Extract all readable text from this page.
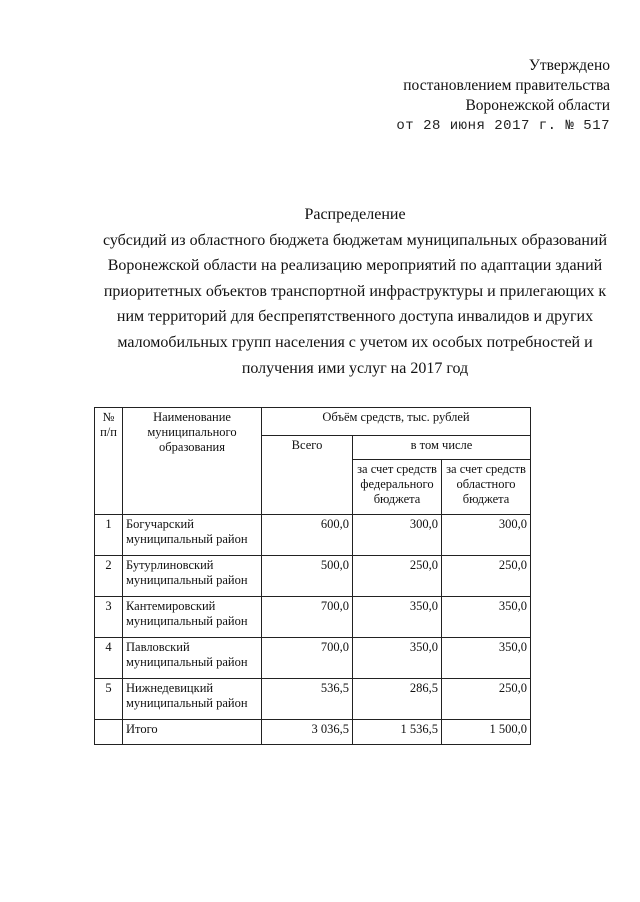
Утверждено
постановлением правительства
Воронежской области
от 28 июня 2017 г. № 517
Распределение
субсидий из областного бюджета бюджетам муниципальных образований
Воронежской области на реализацию мероприятий по адаптации зданий
приоритетных объектов транспортной инфраструктуры и прилегающих к
ним территорий для беспрепятственного доступа инвалидов и других
маломобильных групп населения с учетом их особых потребностей и
получения ими услуг на 2017 год
№ п/п	Наименование муниципального образования	Объём средств, тыс. рублей		
		Всего	в том числе	
			за счет средств федерального бюджета	за счет средств областного бюджета
1	Богучарский муниципальный район	600,0	300,0	300,0
2	Бутурлиновский муниципальный район	500,0	250,0	250,0
3	Кантемировский муниципальный район	700,0	350,0	350,0
4	Павловский муниципальный район	700,0	350,0	350,0
5	Нижнедевицкий муниципальный район	536,5	286,5	250,0
	Итого	3 036,5	1 536,5	1 500,0
